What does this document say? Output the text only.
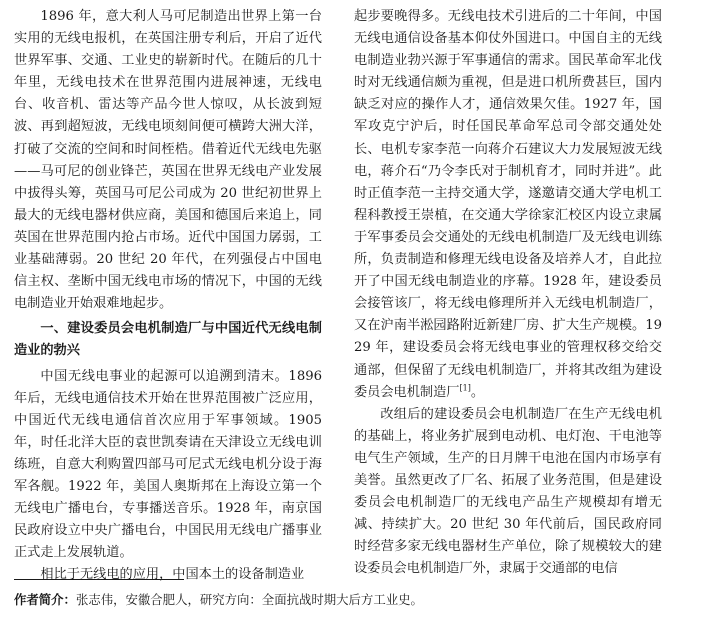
1896 年，意大利人马可尼制造出世界上第一台实用的无线电报机，在英国注册专利后，开启了近代世界军事、交通、工业史的崭新时代。在随后的几十年里，无线电技术在世界范围内进展神速，无线电台、收音机、雷达等产品今世人惊叹，从长波到短波、再到超短波，无线电顷刻间便可横跨大洲大洋，打破了交流的空间和时间桎梏。借着近代无线电先驱——马可尼的创业锋芒，英国在世界无线电产业发展中拔得头筹，英国马可尼公司成为 20 世纪初世界上最大的无线电器材供应商，美国和德国后来追上，同英国在世界范围内抢占市场。近代中国国力孱弱，工业基础薄弱。20 世纪 20 年代，在列强侵占中国电信主权、垄断中国无线电市场的情况下，中国的无线电制造业开始艰难地起步。

一、建设委员会电机制造厂与中国近代无线电制造业的勃兴

中国无线电事业的起源可以追溯到清末。1896 年后，无线电通信技术开始在世界范围被广泛应用，中国近代无线电通信首次应用于军事领域。1905 年，时任北洋大臣的袁世凯奏请在天津设立无线电训练班，自意大利购置四部马可尼式无线电机分设于海军各舰。1922 年，美国人奥斯邦在上海设立第一个无线电广播电台，专事播送音乐。1928 年，南京国民政府设立中央广播电台，中国民用无线电广播事业正式走上发展轨道。

相比于无线电的应用，中国本土的设备制造业

起步要晚得多。无线电技术引进后的二十年间，中国无线电通信设备基本仰仗外国进口。中国自主的无线电制造业勃兴源于军事通信的需求。国民革命军北伐时对无线通信颇为重视，但是进口机所费甚巨，国内缺乏对应的操作人才，通信效果欠佳。1927 年，国军攻克宁沪后，时任国民革命军总司令部交通处处长、电机专家李范一向蒋介石建议大力发展短波无线电，蒋介石“乃令李氏对于制机育才，同时并进”。此时正值李范一主持交通大学，遂邀请交通大学电机工程科教授王崇植，在交通大学徐家汇校区内设立隶属于军事委员会交通处的无线电机制造厂及无线电训练所，负责制造和修理无线电设备及培养人才，自此拉开了中国无线电制造业的序幕。1928 年，建设委员会接管该厂，将无线电修理所并入无线电机制造厂，又在沪南半淞园路附近新建厂房、扩大生产规模。1929 年，建设委员会将无线电事业的管理权移交给交通部，但保留了无线电机制造厂，并将其改组为建设委员会电机制造厂[1]。

改组后的建设委员会电机制造厂在生产无线电机的基础上，将业务扩展到电动机、电灯泡、干电池等电气生产领域，生产的日月牌干电池在国内市场享有美誉。虽然更改了厂名、拓展了业务范围，但是建设委员会电机制造厂的无线电产品生产规模却有增无减、持续扩大。20 世纪 30 年代前后，国民政府同时经营多家无线电器材生产单位，除了规模较大的建设委员会电机制造厂外，隶属于交通部的电信

作者简介：张志伟，安徽合肥人，研究方向：全面抗战时期大后方工业史。
